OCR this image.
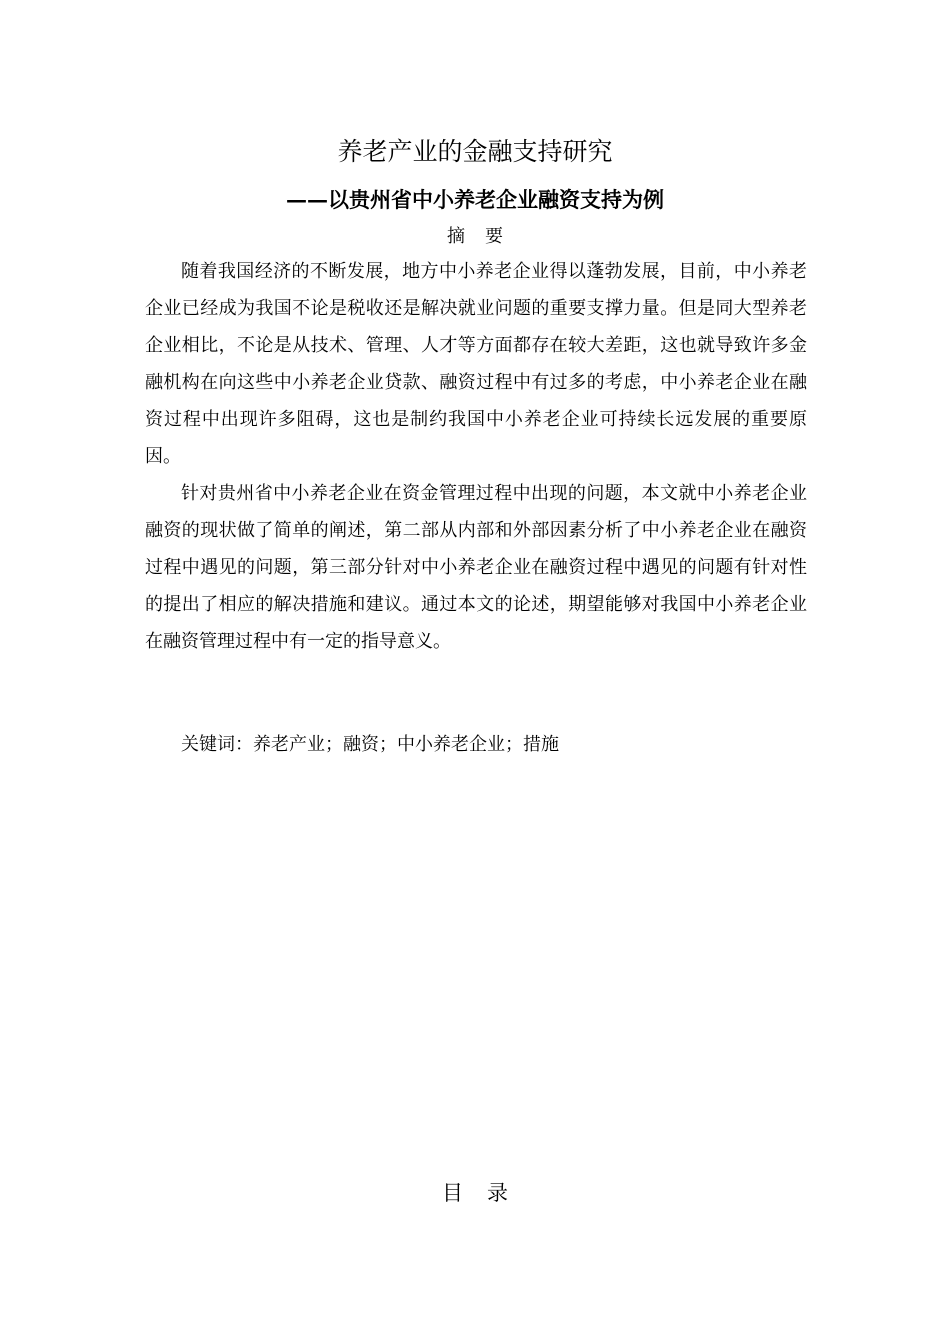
养老产业的金融支持研究
——以贵州省中小养老企业融资支持为例
摘要

随着我国经济的不断发展，地方中小养老企业得以蓬勃发展，目前，中小养老企业已经成为我国不论是税收还是解决就业问题的重要支撑力量。但是同大型养老企业相比，不论是从技术、管理、人才等方面都存在较大差距，这也就导致许多金融机构在向这些中小养老企业贷款、融资过程中有过多的考虑，中小养老企业在融资过程中出现许多阻碍，这也是制约我国中小养老企业可持续长远发展的重要原因。

针对贵州省中小养老企业在资金管理过程中出现的问题，本文就中小养老企业融资的现状做了简单的阐述，第二部从内部和外部因素分析了中小养老企业在融资过程中遇见的问题，第三部分针对中小养老企业在融资过程中遇见的问题有针对性的提出了相应的解决措施和建议。通过本文的论述，期望能够对我国中小养老企业在融资管理过程中有一定的指导意义。

关键词：养老产业；融资；中小养老企业；措施

目录
